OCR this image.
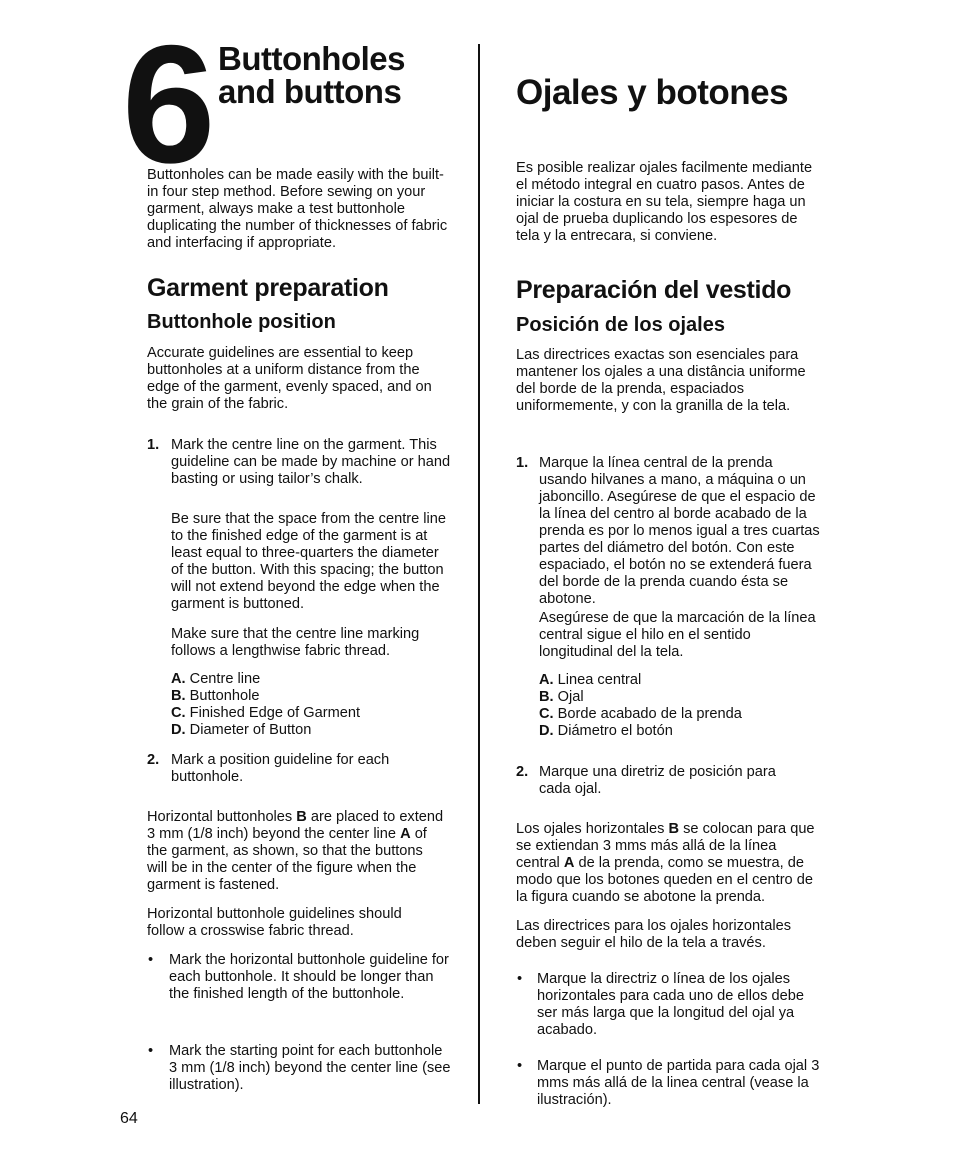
6 Buttonholes and buttons	Ojales y botones

Buttonholes can be made easily with the built-in four step method. Before sewing on your garment, always make a test buttonhole duplicating the number of thicknesses of fabric and interfacing if appropriate.

Garment preparation
Buttonhole position

Accurate guidelines are essential to keep buttonholes at a uniform distance from the edge of the garment, evenly spaced, and on the grain of the fabric.

1. Mark the centre line on the garment. This guideline can be made by machine or hand basting or using tailor’s chalk.

Be sure that the space from the centre line to the finished edge of the garment is at least equal to three-quarters the diameter of the button. With this spacing; the button will not extend beyond the edge when the garment is buttoned.

Make sure that the centre line marking follows a lengthwise fabric thread.

A. Centre line
B. Buttonhole
C. Finished Edge of Garment
D. Diameter of Button
2. Mark a position guideline for each buttonhole.

Horizontal buttonholes B are placed to extend 3 mm (1/8 inch) beyond the center line A of the garment, as shown, so that the buttons will be in the center of the figure when the garment is fastened.

Horizontal buttonhole guidelines should follow a crosswise fabric thread.

• Mark the horizontal buttonhole guideline for each buttonhole. It should be longer than the finished length of the buttonhole.

• Mark the starting point for each buttonhole 3 mm (1/8 inch) beyond the center line (see illustration).

Es posible realizar ojales facilmente mediante el método integral en cuatro pasos. Antes de iniciar la costura en su tela, siempre haga un ojal de prueba duplicando los espesores de tela y la entrecara, si conviene.

Preparación del vestido
Posición de los ojales

Las directrices exactas son esenciales para mantener los ojales a una distância uniforme del borde de la prenda, espaciados uniformemente, y con la granilla de la tela.

1. Marque la línea central de la prenda usando hilvanes a mano, a máquina o un jaboncillo. Asegúrese de que el espacio de la línea del centro al borde acabado de la prenda es por lo menos igual a tres cuartas partes del diámetro del botón. Con este espaciado, el botón no se extenderá fuera del borde de la prenda cuando ésta se abotone.

Asegúrese de que la marcación de la línea central sigue el hilo en el sentido longitudinal del la tela.

A. Linea central
B. Ojal
C. Borde acabado de la prenda
D. Diámetro el botón
2. Marque una diretriz de posición para cada ojal.

Los ojales horizontales B se colocan para que se extiendan 3 mms más allá de la línea central A de la prenda, como se muestra, de modo que los botones queden en el centro de la figura cuando se abotone la prenda.

Las directrices para los ojales horizontales deben seguir el hilo de la tela a través.

• Marque la directriz o línea de los ojales horizontales para cada uno de ellos debe ser más larga que la longitud del ojal ya acabado.

• Marque el punto de partida para cada ojal 3 mms más allá de la linea central (vease la ilustración).

64
